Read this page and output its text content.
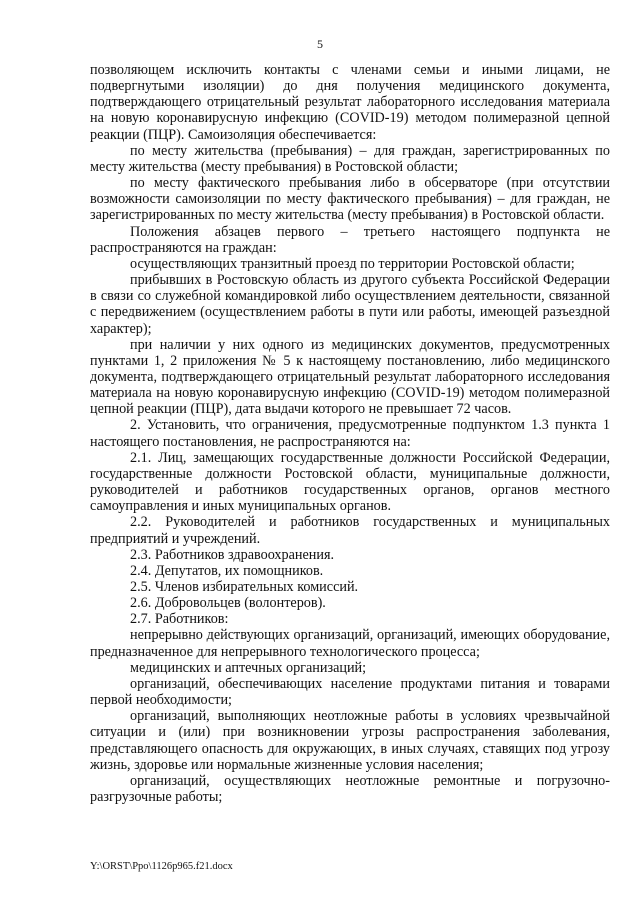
5

позволяющем исключить контакты с членами семьи и иными лицами, не подвергнутыми изоляции) до дня получения медицинского документа, подтверждающего отрицательный результат лабораторного исследования материала на новую коронавирусную инфекцию (COVID-19) методом полимеразной цепной реакции (ПЦР). Самоизоляция обеспечивается:

по месту жительства (пребывания) – для граждан, зарегистрированных по месту жительства (месту пребывания) в Ростовской области;

по месту фактического пребывания либо в обсерваторе (при отсутствии возможности самоизоляции по месту фактического пребывания) – для граждан, не зарегистрированных по месту жительства (месту пребывания) в Ростовской области.

Положения абзацев первого – третьего настоящего подпункта не распространяются на граждан:

осуществляющих транзитный проезд по территории Ростовской области;

прибывших в Ростовскую область из другого субъекта Российской Федерации в связи со служебной командировкой либо осуществлением деятельности, связанной с передвижением (осуществлением работы в пути или работы, имеющей разъездной характер);

при наличии у них одного из медицинских документов, предусмотренных пунктами 1, 2 приложения № 5 к настоящему постановлению, либо медицинского документа, подтверждающего отрицательный результат лабораторного исследования материала на новую коронавирусную инфекцию (COVID-19) методом полимеразной цепной реакции (ПЦР), дата выдачи которого не превышает 72 часов.

2. Установить, что ограничения, предусмотренные подпунктом 1.3 пункта 1 настоящего постановления, не распространяются на:

2.1. Лиц, замещающих государственные должности Российской Федерации, государственные должности Ростовской области, муниципальные должности, руководителей и работников государственных органов, органов местного самоуправления и иных муниципальных органов.

2.2. Руководителей и работников государственных и муниципальных предприятий и учреждений.

2.3. Работников здравоохранения.

2.4. Депутатов, их помощников.

2.5. Членов избирательных комиссий.

2.6. Добровольцев (волонтеров).

2.7. Работников:

непрерывно действующих организаций, организаций, имеющих оборудование, предназначенное для непрерывного технологического процесса;

медицинских и аптечных организаций;

организаций, обеспечивающих население продуктами питания и товарами первой необходимости;

организаций, выполняющих неотложные работы в условиях чрезвычайной ситуации и (или) при возникновении угрозы распространения заболевания, представляющего опасность для окружающих, в иных случаях, ставящих под угрозу жизнь, здоровье или нормальные жизненные условия населения;

организаций, осуществляющих неотложные ремонтные и погрузочно-разгрузочные работы;

Y:\ORST\Ppo\1126p965.f21.docx
